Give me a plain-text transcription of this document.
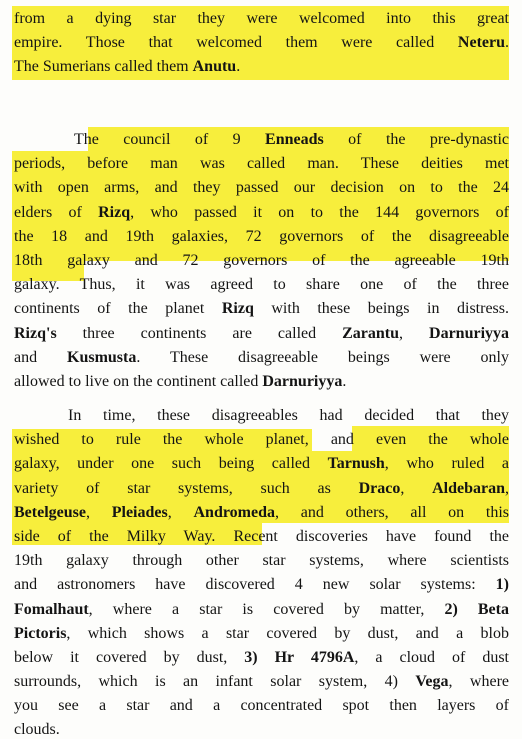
from a dying star they were welcomed into this great
empire. Those that welcomed them were called Neteru.
The Sumerians called them Anutu.
The council of 9 Enneads of the pre-dynastic
periods, before man was called man. These deities met
with open arms, and they passed our decision on to the 24
elders of Rizq, who passed it on to the 144 governors of
the 18 and 19th galaxies, 72 governors of the disagreeable
18th galaxy and 72 governors of the agreeable 19th
galaxy. Thus, it was agreed to share one of the three
continents of the planet Rizq with these beings in distress.
Rizq's three continents are called Zarantu, Darnuriyya
and Kusmusta. These disagreeable beings were only
allowed to live on the continent called Darnuriyya.
In time, these disagreeables had decided that they
wished to rule the whole planet, and even the whole
galaxy, under one such being called Tarnush, who ruled a
variety of star systems, such as Draco, Aldebaran,
Betelgeuse, Pleiades, Andromeda, and others, all on this
side of the Milky Way. Recent discoveries have found the
19th galaxy through other star systems, where scientists
and astronomers have discovered 4 new solar systems: 1)
Fomalhaut, where a star is covered by matter, 2) Beta
Pictoris, which shows a star covered by dust, and a blob
below it covered by dust, 3) Hr 4796A, a cloud of dust
surrounds, which is an infant solar system, 4) Vega, where
you see a star and a concentrated spot then layers of
clouds.
